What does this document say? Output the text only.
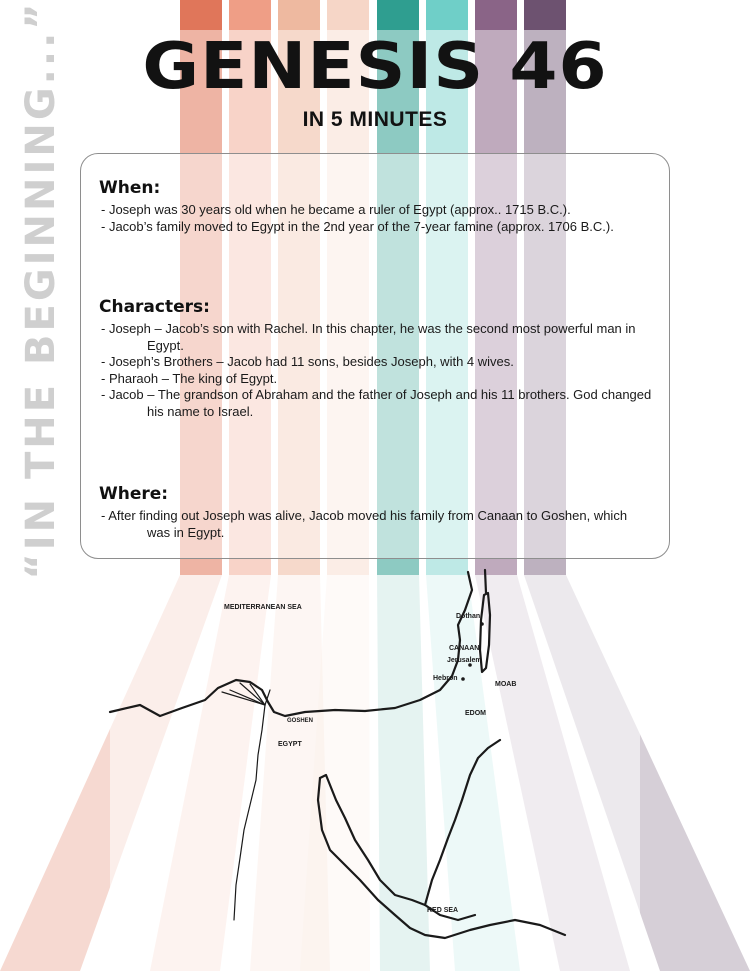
“IN THE BEGINNING...”	GENESIS 46
IN 5 MINUTES
When:
- Joseph was 30 years old when he became a ruler of Egypt (approx.. 1715 B.C.).
- Jacob’s family moved to Egypt in the 2nd year of the 7-year famine (approx. 1706 B.C.).
Characters:
- Joseph – Jacob’s son with Rachel. In this chapter, he was the second most powerful man in Egypt.
- Joseph’s Brothers – Jacob had 11 sons, besides Joseph, with 4 wives.
- Pharaoh – The king of Egypt.
- Jacob – The grandson of Abraham and the father of Joseph and his 11 brothers. God changed his name to Israel.
Where:
- After finding out Joseph was alive, Jacob moved his family from Canaan to Goshen, which was in Egypt.
MEDITERRANEAN SEA
Dothan
CANAAN
Jerusalem
Hebron
MOAB
EDOM
GOSHEN
EGYPT
RED SEA
